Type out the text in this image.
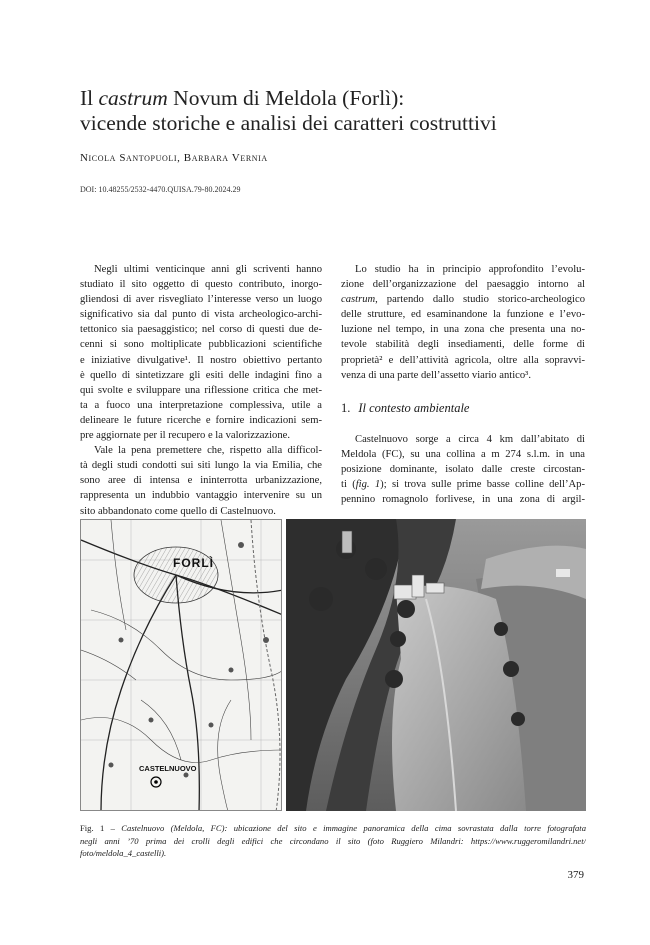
Il castrum Novum di Meldola (Forlì):
vicende storiche e analisi dei caratteri costruttivi
Nicola Santopuoli, Barbara Vernia
DOI: 10.48255/2532-4470.QUISA.79-80.2024.29
Negli ultimi venticinque anni gli scriventi hanno
studiato il sito oggetto di questo contributo, inorgo-
glìendosi di aver risvegliato l’interesse verso un luogo
significativo sia dal punto di vista archeologico-archi-
tettonico sia paesaggistico; nel corso di questi due de-
cenni si sono moltiplicate pubblicazioni scientifiche
e iniziative divulgative¹. Il nostro obiettivo pertanto
è quello di sintetizzare gli esiti delle indagini fino a
qui svolte e sviluppare una riflessione critica che met-
ta a fuoco una interpretazione complessiva, utile a
delineare le future ricerche e fornire indicazioni sem-
pre aggiornate per il recupero e la valorizzazione.
Vale la pena premettere che, rispetto alla difficol-
tà degli studi condotti sui siti lungo la via Emilia, che
sono aree di intensa e ininterrotta urbanizzazione,
rappresenta un indubbio vantaggio intervenire su un
sito abbandonato come quello di Castelnuovo.
Lo studio ha in principio approfondito l’evolu-
zione dell’organizzazione del paesaggio intorno al
castrum, partendo dallo studio storico-archeologico
delle strutture, ed esaminandone la funzione e l’evo-
luzione nel tempo, in una zona che presenta una no-
tevole stabilità degli insediamenti, delle forme di
proprietà² e dell’attività agricola, oltre alla sopravvi-
venza di una parte dell’assetto viario antico³.
1. Il contesto ambientale
Castelnuovo sorge a circa 4 km dall’abitato di
Meldola (FC), su una collina a m 274 s.l.m. in una
posizione dominante, isolato dalle creste circostan-
ti (fig. 1); si trova sulle prime basse colline dell’Ap-
pennino romagnolo forlivese, in una zona di argil-
FORLÌ
CASTELNUOVO
Fig. 1 – Castelnuovo (Meldola, FC): ubicazione del sito e immagine panoramica della cima sovrastata dalla torre fotografata
negli anni ’70 prima dei crolli degli edifici che circondano il sito (foto Ruggiero Milandri: https://www.ruggeromilandri.net/
foto/meldola_4_castelli).
379
